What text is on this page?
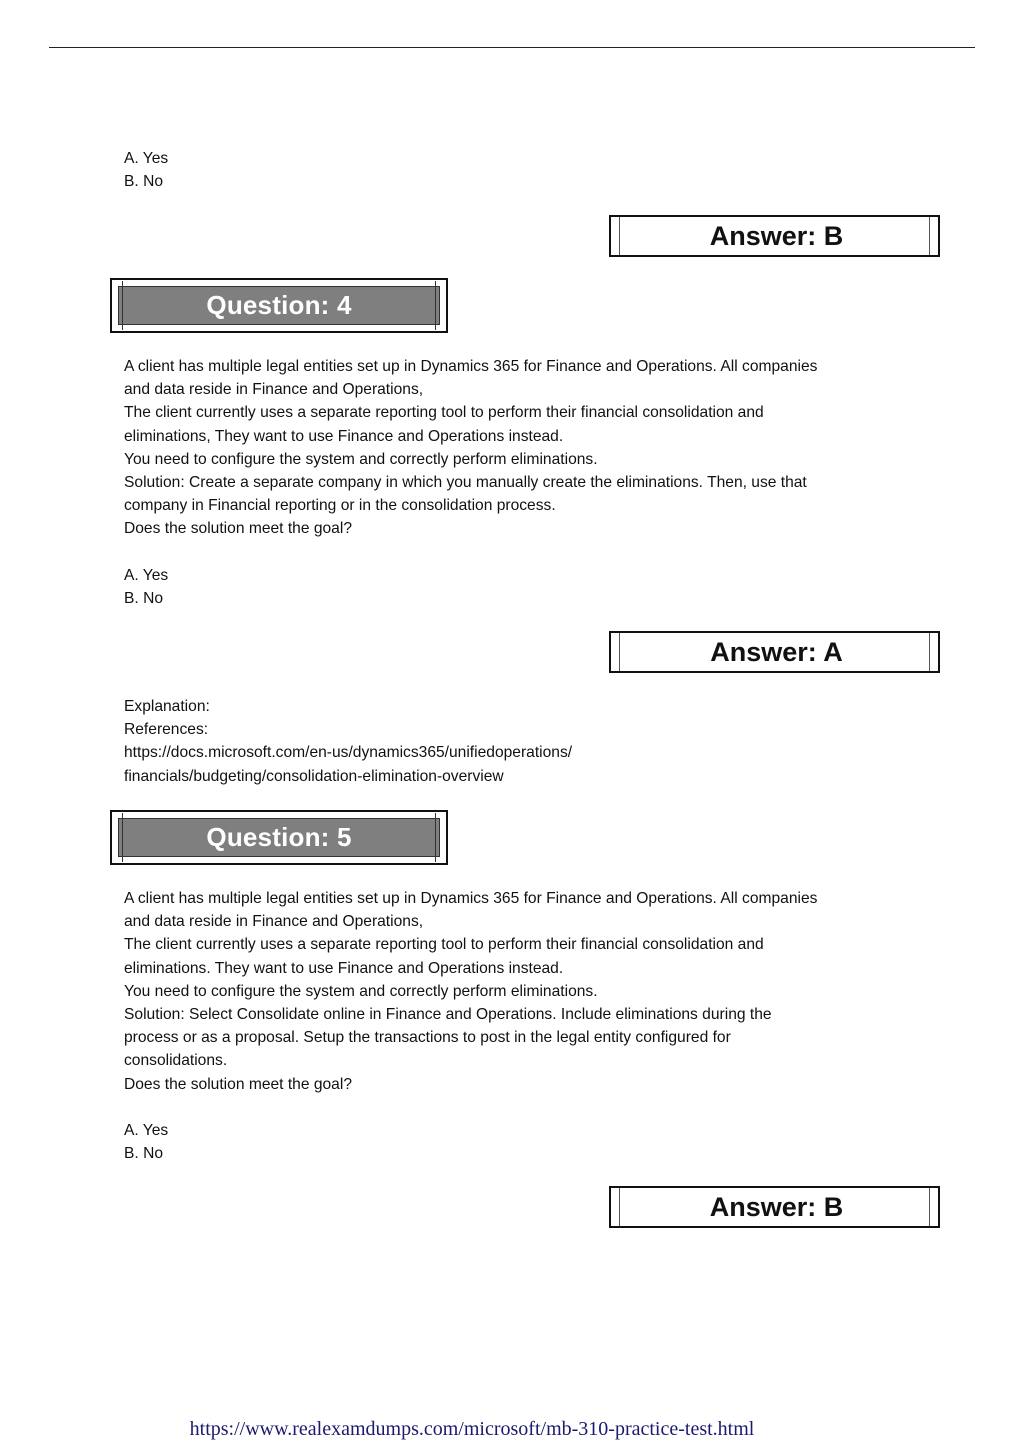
A. Yes
B. No
Answer: B
Question: 4
A client has multiple legal entities set up in Dynamics 365 for Finance and Operations. All companies
and data reside in Finance and Operations,
The client currently uses a separate reporting tool to perform their financial consolidation and
eliminations, They want to use Finance and Operations instead.
You need to configure the system and correctly perform eliminations.
Solution: Create a separate company in which you manually create the eliminations. Then, use that
company in Financial reporting or in the consolidation process.
Does the solution meet the goal?
A. Yes
B. No
Answer: A
Explanation:
References:
https://docs.microsoft.com/en-us/dynamics365/unifiedoperations/
financials/budgeting/consolidation-elimination-overview
Question: 5
A client has multiple legal entities set up in Dynamics 365 for Finance and Operations. All companies
and data reside in Finance and Operations,
The client currently uses a separate reporting tool to perform their financial consolidation and
eliminations. They want to use Finance and Operations instead.
You need to configure the system and correctly perform eliminations.
Solution: Select Consolidate online in Finance and Operations. Include eliminations during the
process or as a proposal. Setup the transactions to post in the legal entity configured for
consolidations.
Does the solution meet the goal?
A. Yes
B. No
Answer: B
https://www.realexamdumps.com/microsoft/mb-310-practice-test.html
